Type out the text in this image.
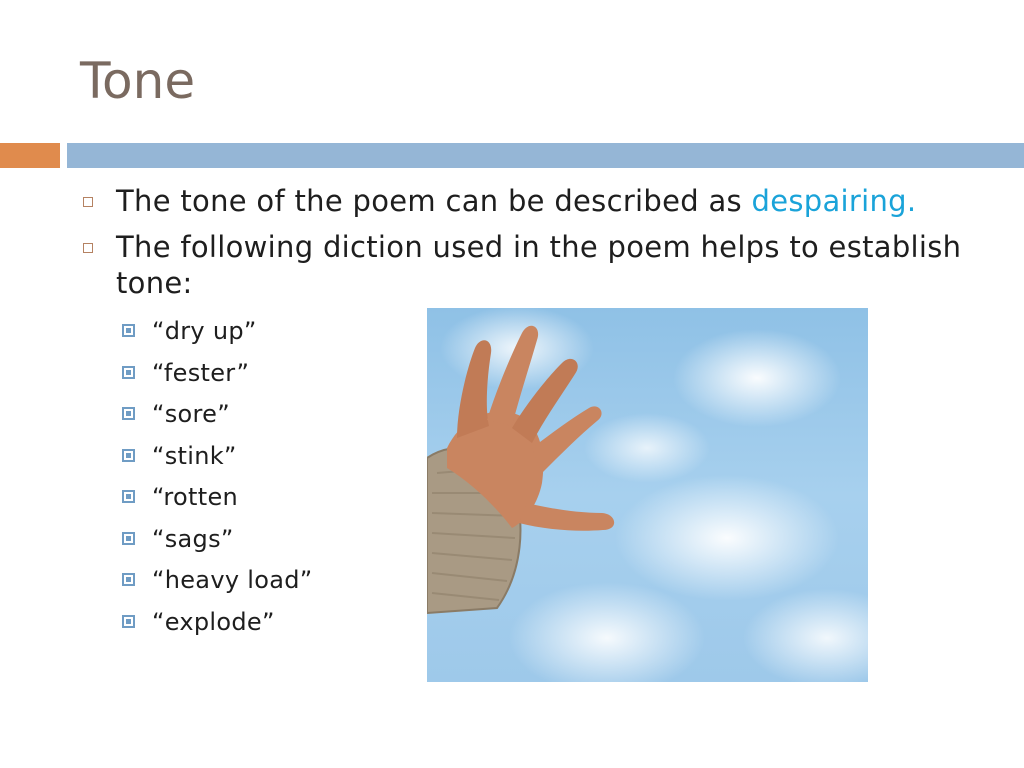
Tone
The tone of the poem can be described as despairing.
The following diction used in the poem helps to establish tone:
“dry up”
“fester”
“sore”
“stink”
“rotten
“sags”
“heavy load”
“explode”
